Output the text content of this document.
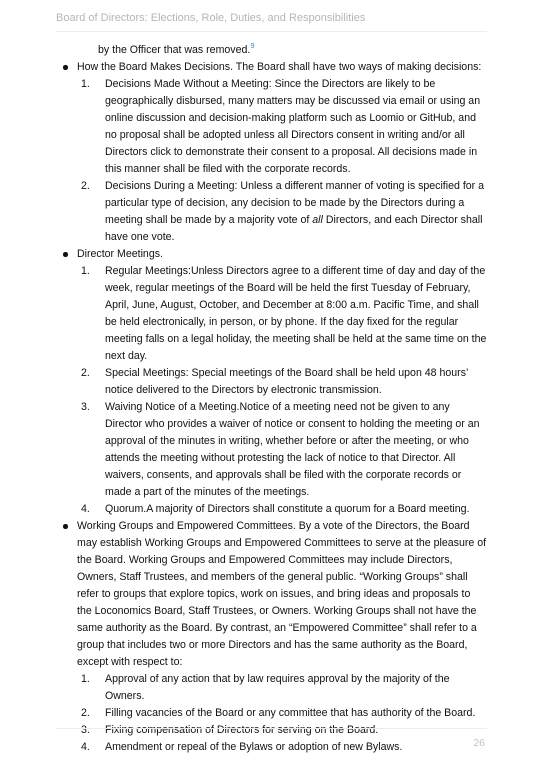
Board of Directors: Elections, Role, Duties, and Responsibilities
by the Officer that was removed.$^9$
How the Board Makes Decisions. The Board shall have two ways of making decisions:
1. Decisions Made Without a Meeting: Since the Directors are likely to be geographically disbursed, many matters may be discussed via email or using an online discussion and decision-making platform such as Loomio or GitHub, and no proposal shall be adopted unless all Directors consent in writing and/or all Directors click to demonstrate their consent to a proposal. All decisions made in this manner shall be filed with the corporate records.
2. Decisions During a Meeting: Unless a different manner of voting is specified for a particular type of decision, any decision to be made by the Directors during a meeting shall be made by a majority vote of all Directors, and each Director shall have one vote.
Director Meetings.
1. Regular Meetings:Unless Directors agree to a different time of day and day of the week, regular meetings of the Board will be held the first Tuesday of February, April, June, August, October, and December at 8:00 a.m. Pacific Time, and shall be held electronically, in person, or by phone. If the day fixed for the regular meeting falls on a legal holiday, the meeting shall be held at the same time on the next day.
2. Special Meetings: Special meetings of the Board shall be held upon 48 hours’ notice delivered to the Directors by electronic transmission.
3. Waiving Notice of a Meeting.Notice of a meeting need not be given to any Director who provides a waiver of notice or consent to holding the meeting or an approval of the minutes in writing, whether before or after the meeting, or who attends the meeting without protesting the lack of notice to that Director. All waivers, consents, and approvals shall be filed with the corporate records or made a part of the minutes of the meetings.
4. Quorum.A majority of Directors shall constitute a quorum for a Board meeting.
Working Groups and Empowered Committees. By a vote of the Directors, the Board may establish Working Groups and Empowered Committees to serve at the pleasure of the Board. Working Groups and Empowered Committees may include Directors, Owners, Staff Trustees, and members of the general public. “Working Groups” shall refer to groups that explore topics, work on issues, and bring ideas and proposals to the Loconomics Board, Staff Trustees, or Owners. Working Groups shall not have the same authority as the Board. By contrast, an “Empowered Committee” shall refer to a group that includes two or more Directors and has the same authority as the Board, except with respect to:
1. Approval of any action that by law requires approval by the majority of the Owners.
2. Filling vacancies of the Board or any committee that has authority of the Board.
3. Fixing compensation of Directors for serving on the Board.
4. Amendment or repeal of the Bylaws or adoption of new Bylaws.	26
